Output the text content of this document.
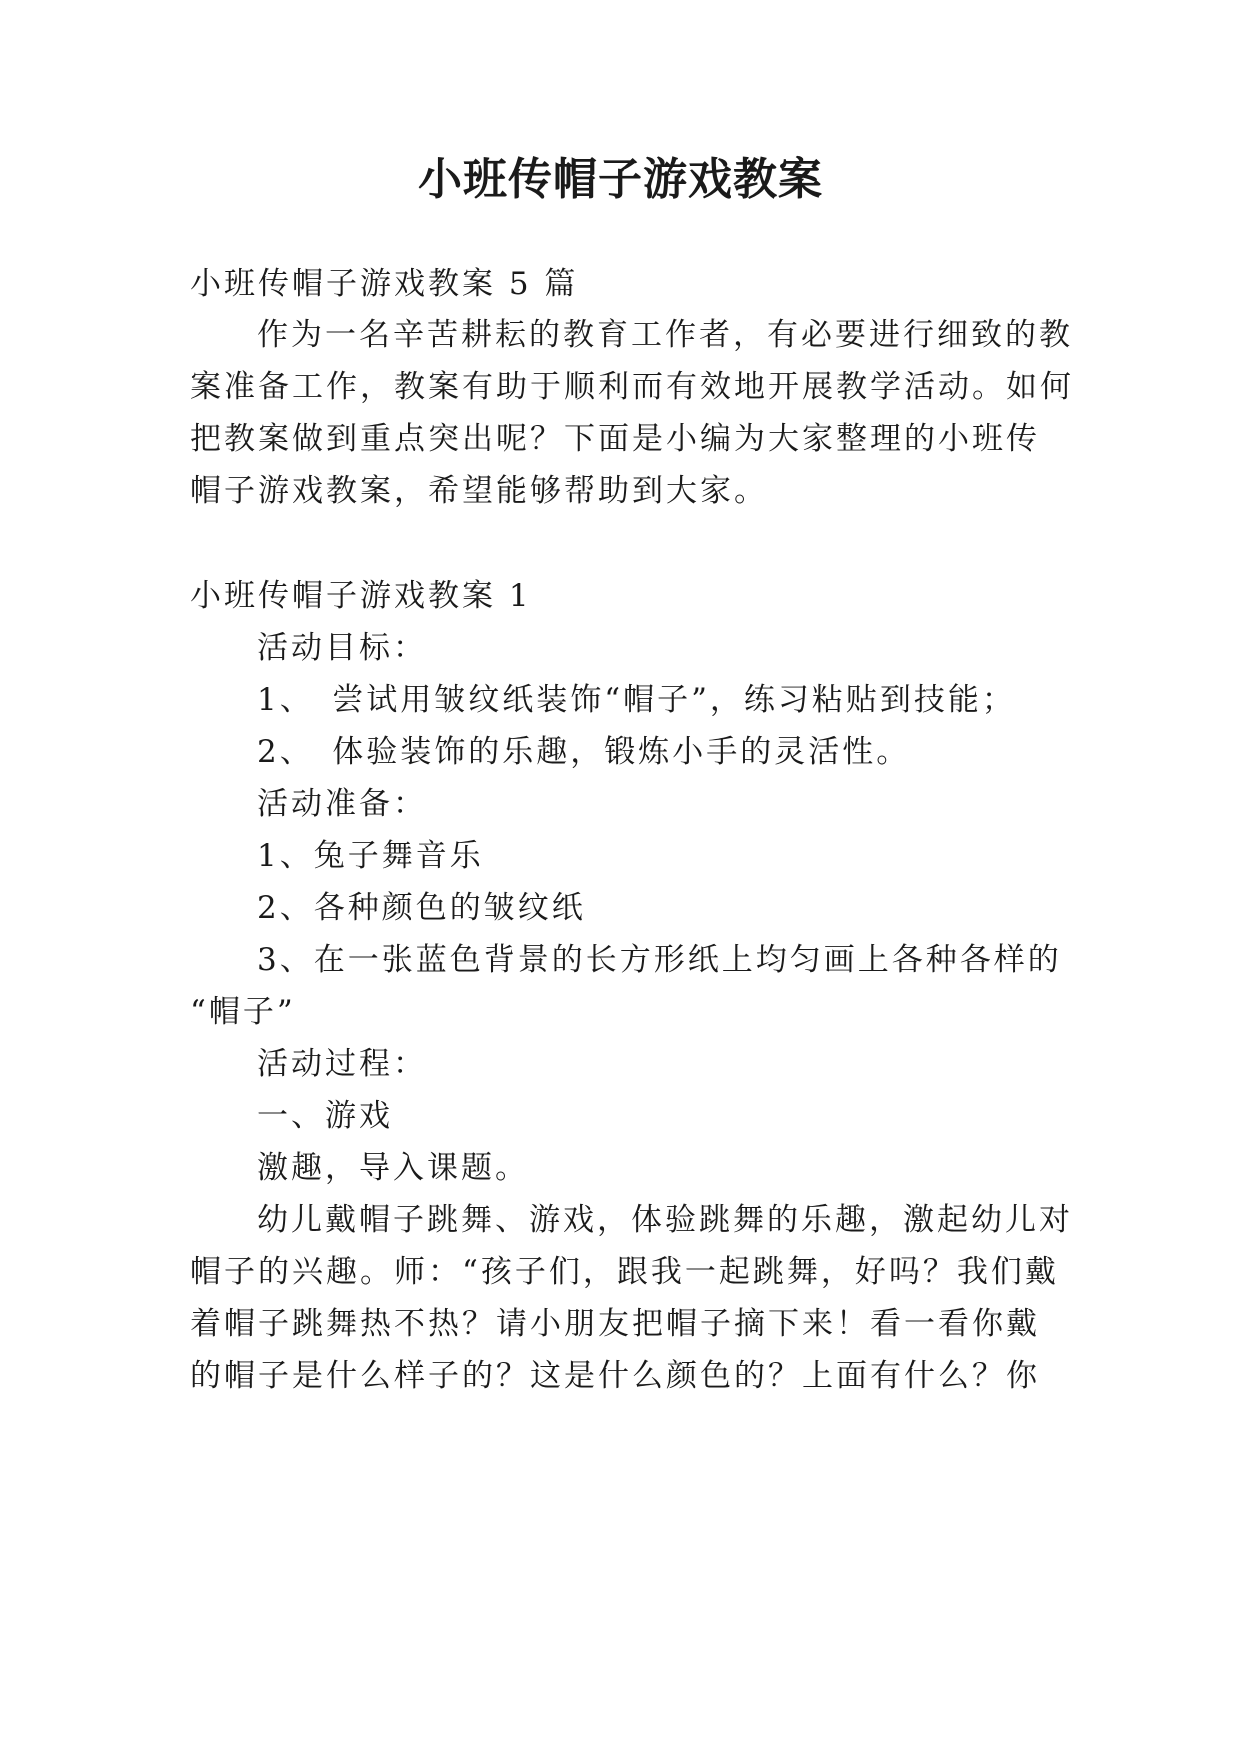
小班传帽子游戏教案
小班传帽子游戏教案 5 篇
作为一名辛苦耕耘的教育工作者，有必要进行细致的教
案准备工作，教案有助于顺利而有效地开展教学活动。如何
把教案做到重点突出呢？下面是小编为大家整理的小班传
帽子游戏教案，希望能够帮助到大家。
小班传帽子游戏教案 1
活动目标：
1、　尝试用皱纹纸装饰“帽子”，练习粘贴到技能；
2、　体验装饰的乐趣，锻炼小手的灵活性。
活动准备：
1、兔子舞音乐
2、各种颜色的皱纹纸
3、在一张蓝色背景的长方形纸上均匀画上各种各样的
“帽子”
活动过程：
一、游戏
激趣，导入课题。
幼儿戴帽子跳舞、游戏，体验跳舞的乐趣，激起幼儿对
帽子的兴趣。师：“孩子们，跟我一起跳舞，好吗？我们戴
着帽子跳舞热不热？请小朋友把帽子摘下来！看一看你戴
的帽子是什么样子的？这是什么颜色的？上面有什么？你
